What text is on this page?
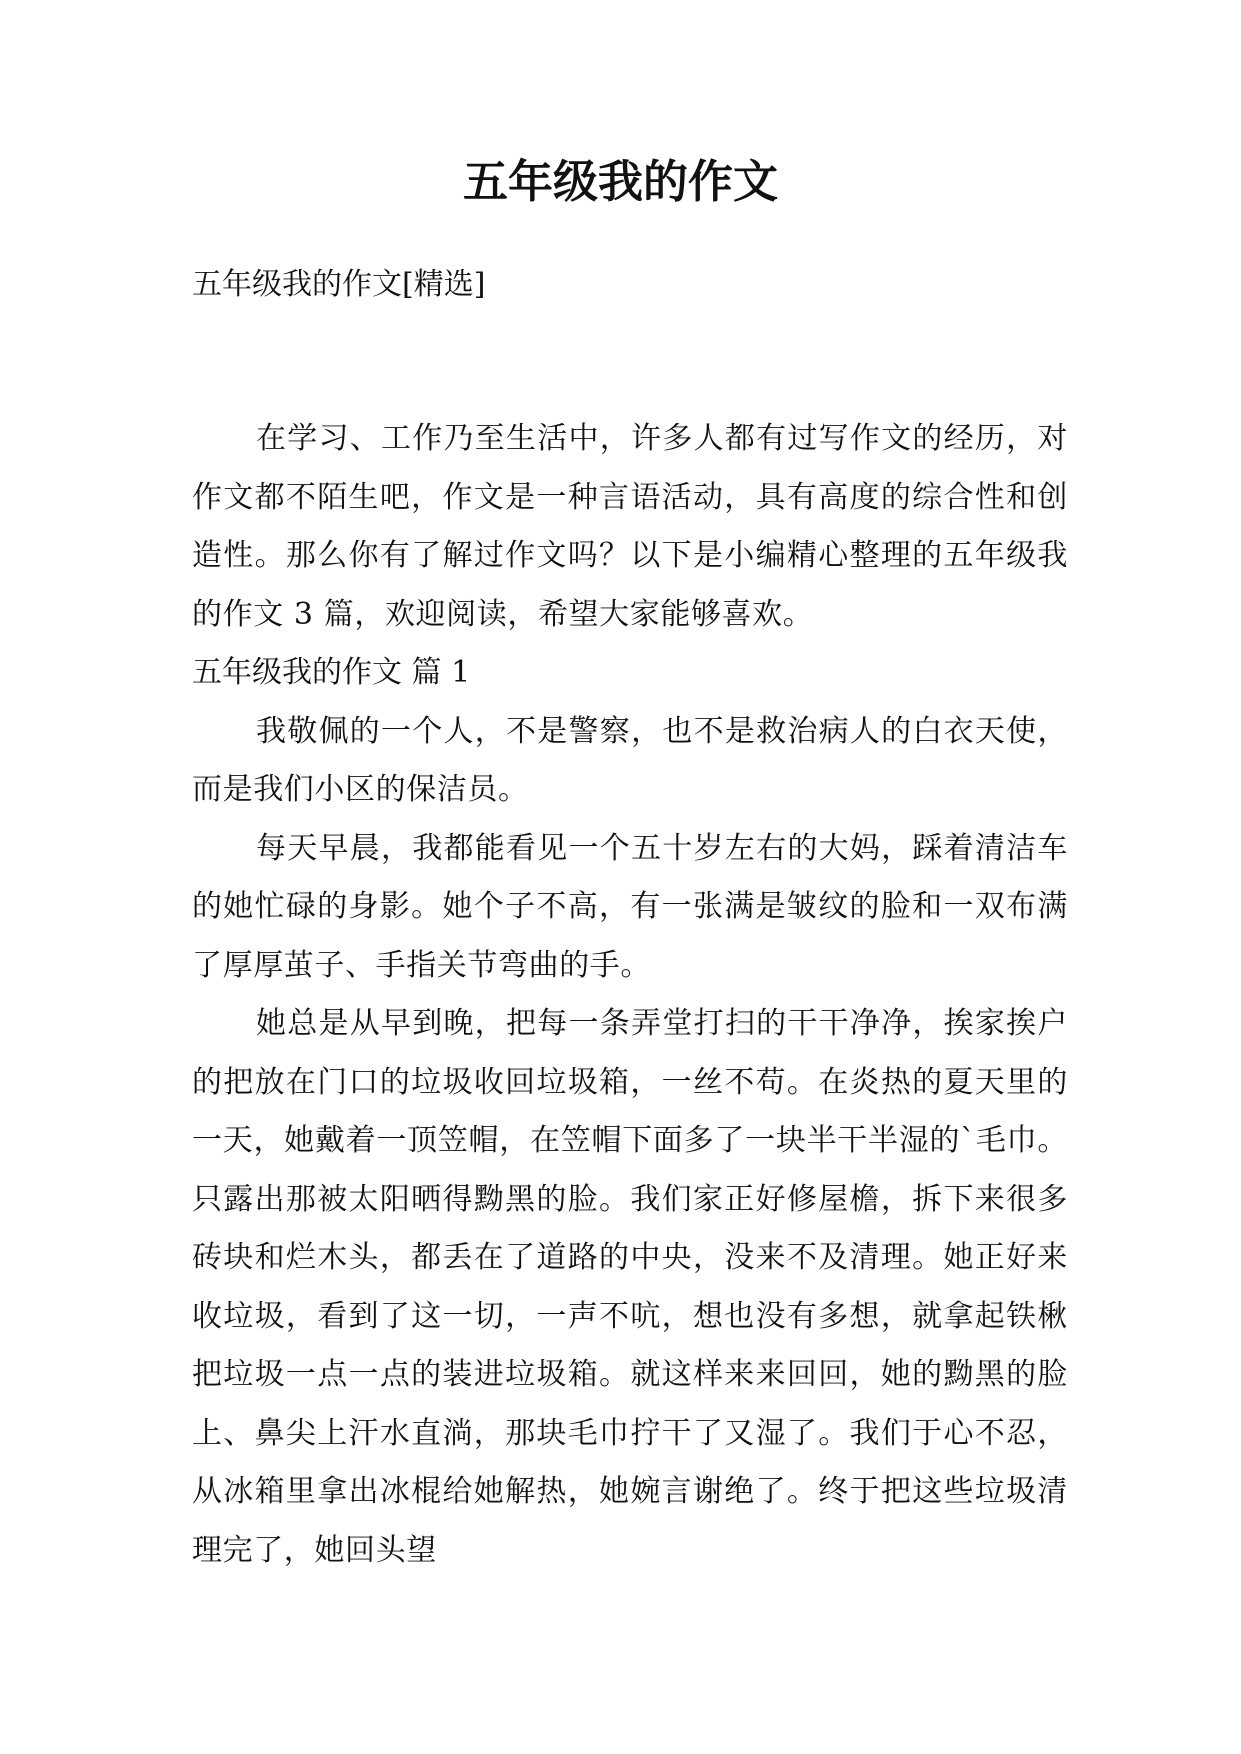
五年级我的作文

五年级我的作文[精选]

在学习、工作乃至生活中，许多人都有过写作文的经历，对作文都不陌生吧，作文是一种言语活动，具有高度的综合性和创造性。那么你有了解过作文吗？以下是小编精心整理的五年级我的作文 3 篇，欢迎阅读，希望大家能够喜欢。

五年级我的作文 篇 1

我敬佩的一个人，不是警察，也不是救治病人的白衣天使，而是我们小区的保洁员。

每天早晨，我都能看见一个五十岁左右的大妈，踩着清洁车的她忙碌的身影。她个子不高，有一张满是皱纹的脸和一双布满了厚厚茧子、手指关节弯曲的手。

她总是从早到晚，把每一条弄堂打扫的干干净净，挨家挨户的把放在门口的垃圾收回垃圾箱，一丝不苟。在炎热的夏天里的一天，她戴着一顶笠帽，在笠帽下面多了一块半干半湿的`毛巾。只露出那被太阳晒得黝黑的脸。我们家正好修屋檐，拆下来很多砖块和烂木头，都丢在了道路的中央，没来不及清理。她正好来收垃圾，看到了这一切，一声不吭，想也没有多想，就拿起铁楸把垃圾一点一点的装进垃圾箱。就这样来来回回，她的黝黑的脸上、鼻尖上汗水直淌，那块毛巾拧干了又湿了。我们于心不忍，从冰箱里拿出冰棍给她解热，她婉言谢绝了。终于把这些垃圾清理完了，她回头望
